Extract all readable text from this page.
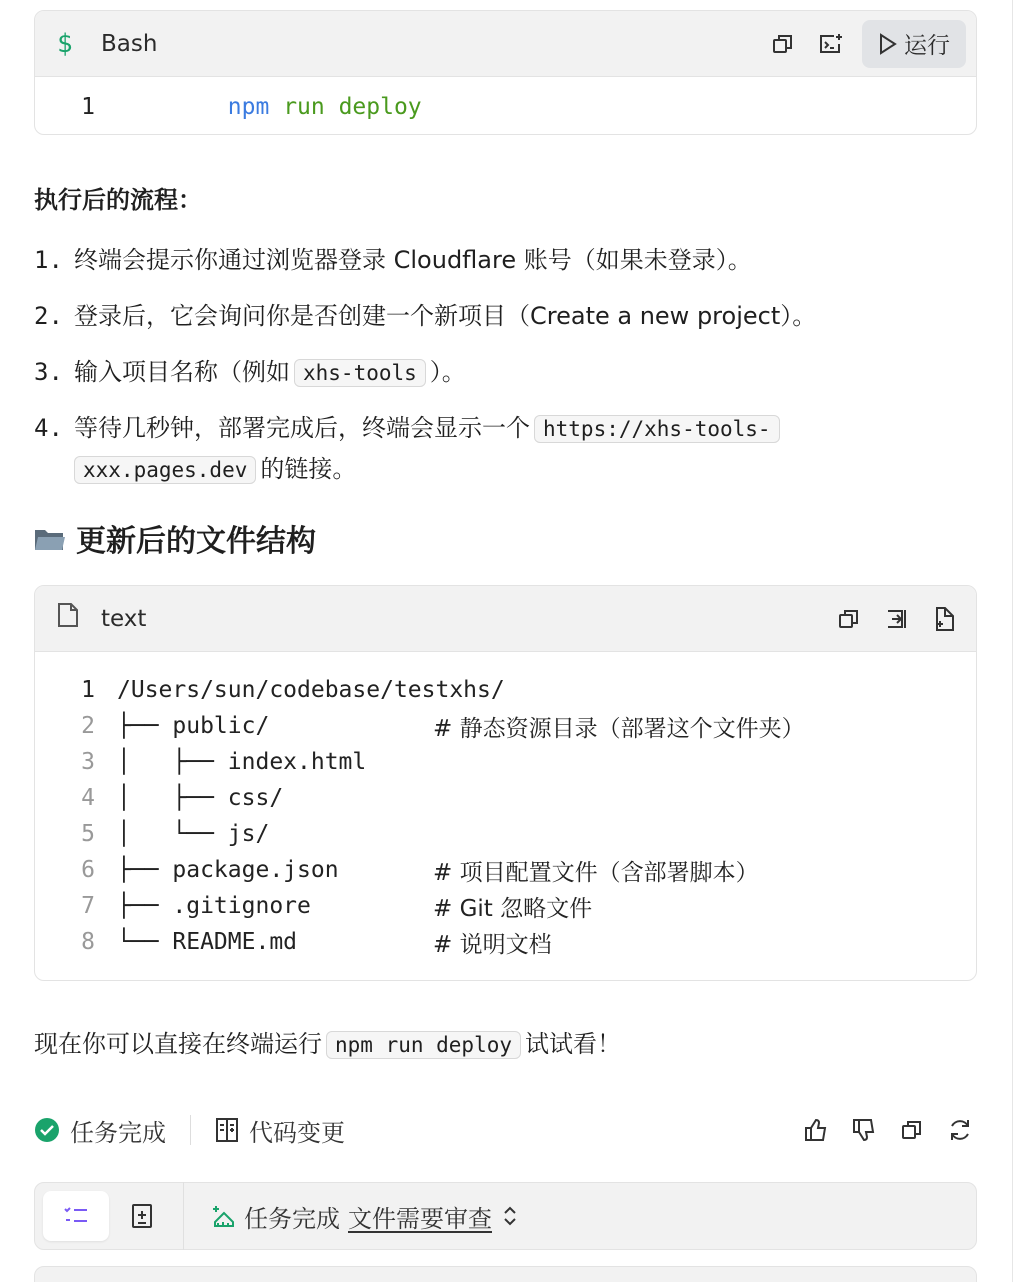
$	Bash	运行
1	npm run deploy

执行后的流程：
1. 终端会提示你通过浏览器登录 Cloudflare 账号（如果未登录）。
2. 登录后，它会询问你是否创建一个新项目（Create a new project）。
3. 输入项目名称（例如 xhs-tools ）。
4. 等待几秒钟，部署完成后，终端会显示一个 https://xhs-tools-
xxx.pages.dev 的链接。
更新后的文件结构
text
1 /Users/sun/codebase/testxhs/
2 ├── public/	# 静态资源目录（部署这个文件夹）
3 │   ├── index.html
4 │   ├── css/
5 │   └── js/
6 ├── package.json	# 项目配置文件（含部署脚本）
7 ├── .gitignore	# Git 忽略文件
8 └── README.md	# 说明文档
现在你可以直接在终端运行 npm run deploy 试试看！
任务完成	代码变更
任务完成 文件需要审查
